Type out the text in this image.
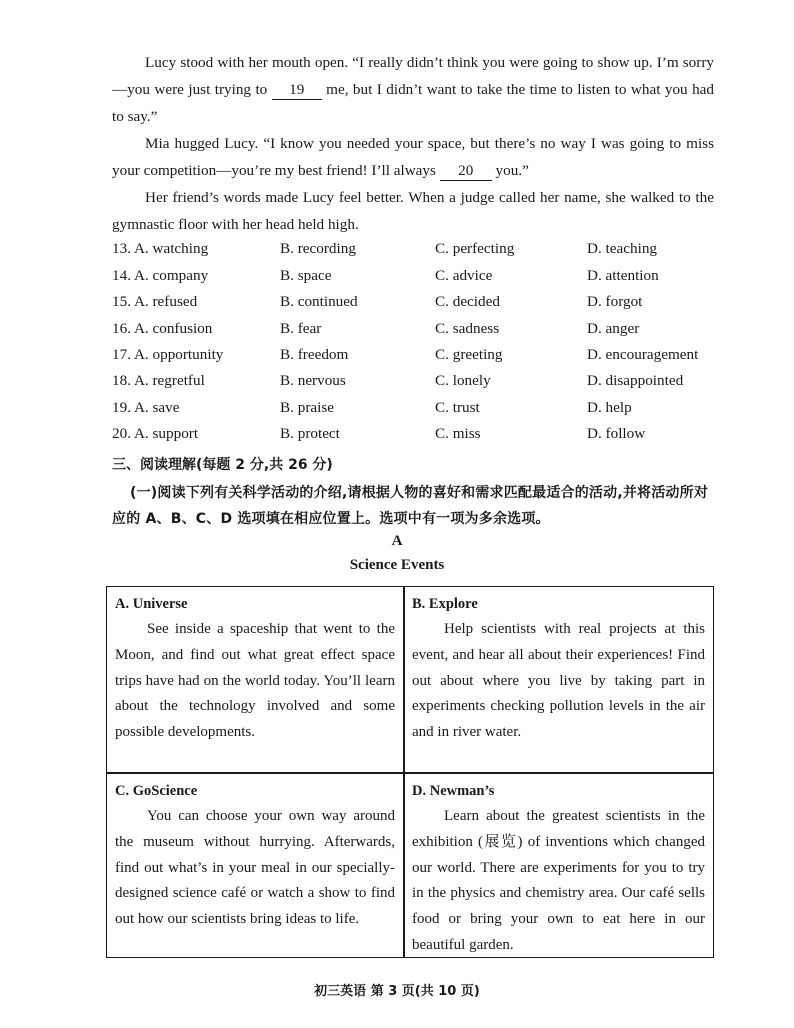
Lucy stood with her mouth open. “I really didn’t think you were going to show up. I’m sorry—you were just trying to 19 me, but I didn’t want to take the time to listen to what you had to say.”

Mia hugged Lucy. “I know you needed your space, but there’s no way I was going to miss your competition—you’re my best friend! I’ll always 20 you.”

Her friend’s words made Lucy feel better. When a judge called her name, she walked to the gymnastic floor with her head held high.

13. A. watching	B. recording	C. perfecting	D. teaching
14. A. company	B. space	C. advice	D. attention
15. A. refused	B. continued	C. decided	D. forgot
16. A. confusion	B. fear	C. sadness	D. anger
17. A. opportunity	B. freedom	C. greeting	D. encouragement
18. A. regretful	B. nervous	C. lonely	D. disappointed
19. A. save	B. praise	C. trust	D. help
20. A. support	B. protect	C. miss	D. follow
三、阅读理解(每题 2 分,共 26 分)

(一)阅读下列有关科学活动的介绍,请根据人物的喜好和需求匹配最适合的活动,并将活动所对应的 A、B、C、D 选项填在相应位置上。选项中有一项为多余选项。

A
Science Events
A. Universe

See inside a spaceship that went to the Moon, and find out what great effect space trips have had on the world today. You’ll learn about the technology involved and some possible developments.

B. Explore

Help scientists with real projects at this event, and hear all about their experiences! Find out about where you live by taking part in experiments checking pollution levels in the air and in river water.

C. GoScience

You can choose your own way around the museum without hurrying. Afterwards, find out what’s in your meal in our specially-designed science café or watch a show to find out how our scientists bring ideas to life.

D. Newman’s

Learn about the greatest scientists in the exhibition (展览) of inventions which changed our world. There are experiments for you to try in the physics and chemistry area. Our café sells food or bring your own to eat here in our beautiful garden.

初三英语 第 3 页(共 10 页)
